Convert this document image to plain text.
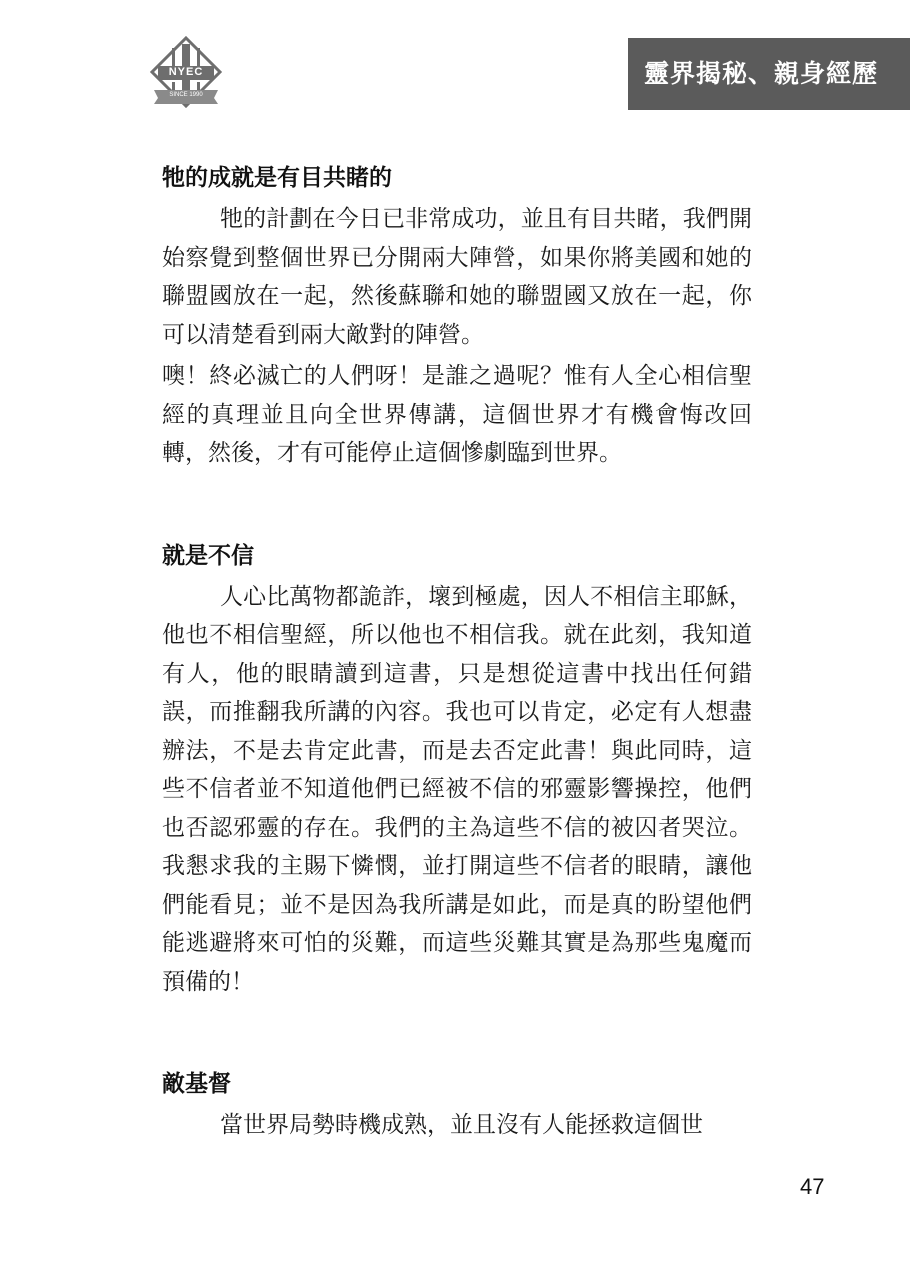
NYEC
SINCE 1990
靈界揭秘、親身經歷
牠的成就是有目共睹的

牠的計劃在今日已非常成功，並且有目共睹，我們開始察覺到整個世界已分開兩大陣營，如果你將美國和她的聯盟國放在一起，然後蘇聯和她的聯盟國又放在一起，你可以清楚看到兩大敵對的陣營。

噢！終必滅亡的人們呀！是誰之過呢？惟有人全心相信聖經的真理並且向全世界傳講，這個世界才有機會悔改回轉，然後，才有可能停止這個慘劇臨到世界。

就是不信

人心比萬物都詭詐，壞到極處，因人不相信主耶穌，他也不相信聖經，所以他也不相信我。就在此刻，我知道有人，他的眼睛讀到這書，只是想從這書中找出任何錯誤，而推翻我所講的內容。我也可以肯定，必定有人想盡辦法，不是去肯定此書，而是去否定此書！與此同時，這些不信者並不知道他們已經被不信的邪靈影響操控，他們也否認邪靈的存在。我們的主為這些不信的被囚者哭泣。我懇求我的主賜下憐憫，並打開這些不信者的眼睛，讓他們能看見；並不是因為我所講是如此，而是真的盼望他們能逃避將來可怕的災難，而這些災難其實是為那些鬼魔而預備的！

敵基督

當世界局勢時機成熟，並且沒有人能拯救這個世

47
